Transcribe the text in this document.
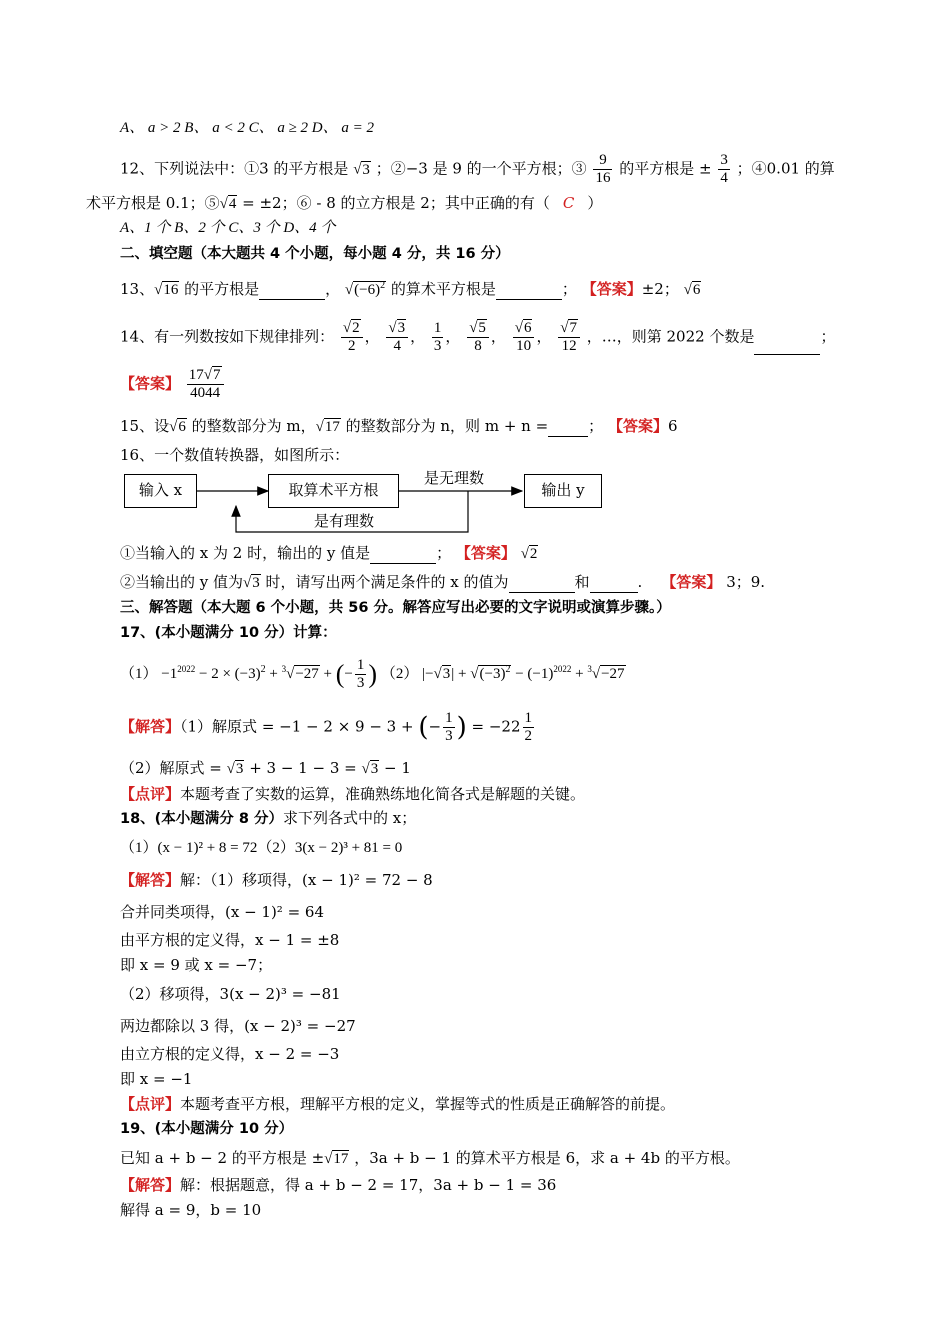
A、 a > 2 B、 a < 2 C、 a ≥ 2 D、 a = 2
12、下列说法中：①3 的平方根是 √3 ；②−3 是 9 的一个平方根；③ $\frac{9}{16}$ 的平方根是 ± $\frac{3}{4}$ ；④0.01 的算
术平方根是 0.1；⑤√4 = ±2；⑥ - 8 的立方根是 2；其中正确的有（ C ）
A、1 个 B、2 个 C、3 个 D、4 个
二、填空题（本大题共 4 个小题，每小题 4 分，共 16 分）
13、√16 的平方根是	， $√(-6)^2$ 的算术平方根是	； 【答案】±2； √6
14、有一列数按如下规律排列： $\frac{√2}{2}$ ， $\frac{√3}{4}$ ， $\frac{1}{3}$ ， $\frac{√5}{8}$ ， $\frac{√6}{10}$ ， $\frac{√7}{12}$ ，…，则第 2022 个数是	；
【答案】 $\frac{17√7}{4044}$
15、设√6 的整数部分为 m，√17 的整数部分为 n，则 m + n =	； 【答案】6
16、一个数值转换器，如图所示：
输入 x	取算术平方根	输出 y
是无理数
是有理数
①当输入的 x 为 2 时，输出的 y 值是	； 【答案】 √2
②当输出的 y 值为√3 时，请写出两个满足条件的 x 的值为	和	. 【答案】 3；9.
三、解答题（本大题 6 个小题，共 56 分。解答应写出必要的文字说明或演算步骤。）
17、(本小题满分 10 分）计算：
$(1) -1^{2022} - 2 \times (-3)^2 + ^3√-27$ + (− $\frac{1}{3}$ ) （2） $|-√3| + √(-3)^2 - (-1)^{2022} + ^3√-27$
【解答】（1）解原式 = −1 − 2 × 9 − 3 + (− $\frac{1}{3}$ ) = $-22 \frac{1}{2}$
（2）解原式 = √3 + 3 − 1 − 3 = √3 − 1
【点评】本题考查了实数的运算，准确熟练地化简各式是解题的关键。
18、(本小题满分 8 分）求下列各式中的 x；
（1）(x − 1)² + 8 = 72（2）3(x − 2)³ + 81 = 0
【解答】解：（1）移项得，(x − 1)² = 72 − 8
合并同类项得，(x − 1)² = 64
由平方根的定义得，x − 1 = ±8
即 x = 9 或 x = −7；
（2）移项得，3(x − 2)³ = −81
两边都除以 3 得，(x − 2)³ = −27
由立方根的定义得，x − 2 = −3
即 x = −1
【点评】本题考查平方根，理解平方根的定义，掌握等式的性质是正确解答的前提。
19、(本小题满分 10 分）
已知 a + b − 2 的平方根是 ±√17 ，3a + b − 1 的算术平方根是 6，求 a + 4b 的平方根。
【解答】解：根据题意，得 a + b − 2 = 17，3a + b − 1 = 36
解得 a = 9，b = 10
